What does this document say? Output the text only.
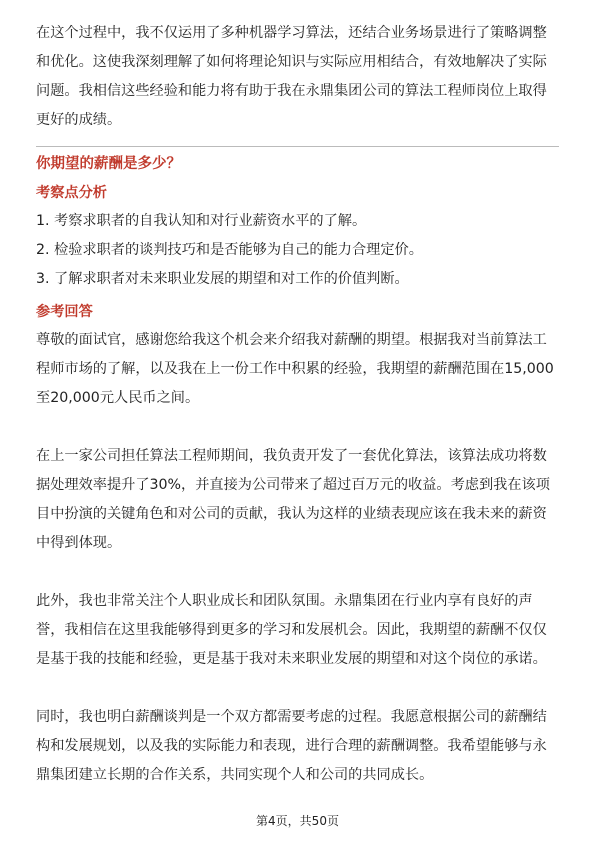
在这个过程中，我不仅运用了多种机器学习算法，还结合业务场景进行了策略调整
和优化。这使我深刻理解了如何将理论知识与实际应用相结合，有效地解决了实际
问题。我相信这些经验和能力将有助于我在永鼎集团公司的算法工程师岗位上取得
更好的成绩。
你期望的薪酬是多少？
考察点分析
1. 考察求职者的自我认知和对行业薪资水平的了解。
2. 检验求职者的谈判技巧和是否能够为自己的能力合理定价。
3. 了解求职者对未来职业发展的期望和对工作的价值判断。
参考回答

尊敬的面试官，感谢您给我这个机会来介绍我对薪酬的期望。根据我对当前算法工
程师市场的了解，以及我在上一份工作中积累的经验，我期望的薪酬范围在15,000
至20,000元人民币之间。

在上一家公司担任算法工程师期间，我负责开发了一套优化算法，该算法成功将数
据处理效率提升了30%，并直接为公司带来了超过百万元的收益。考虑到我在该项
目中扮演的关键角色和对公司的贡献，我认为这样的业绩表现应该在我未来的薪资
中得到体现。

此外，我也非常关注个人职业成长和团队氛围。永鼎集团在行业内享有良好的声
誉，我相信在这里我能够得到更多的学习和发展机会。因此，我期望的薪酬不仅仅
是基于我的技能和经验，更是基于我对未来职业发展的期望和对这个岗位的承诺。

同时，我也明白薪酬谈判是一个双方都需要考虑的过程。我愿意根据公司的薪酬结
构和发展规划，以及我的实际能力和表现，进行合理的薪酬调整。我希望能够与永
鼎集团建立长期的合作关系，共同实现个人和公司的共同成长。

第4页，共50页
